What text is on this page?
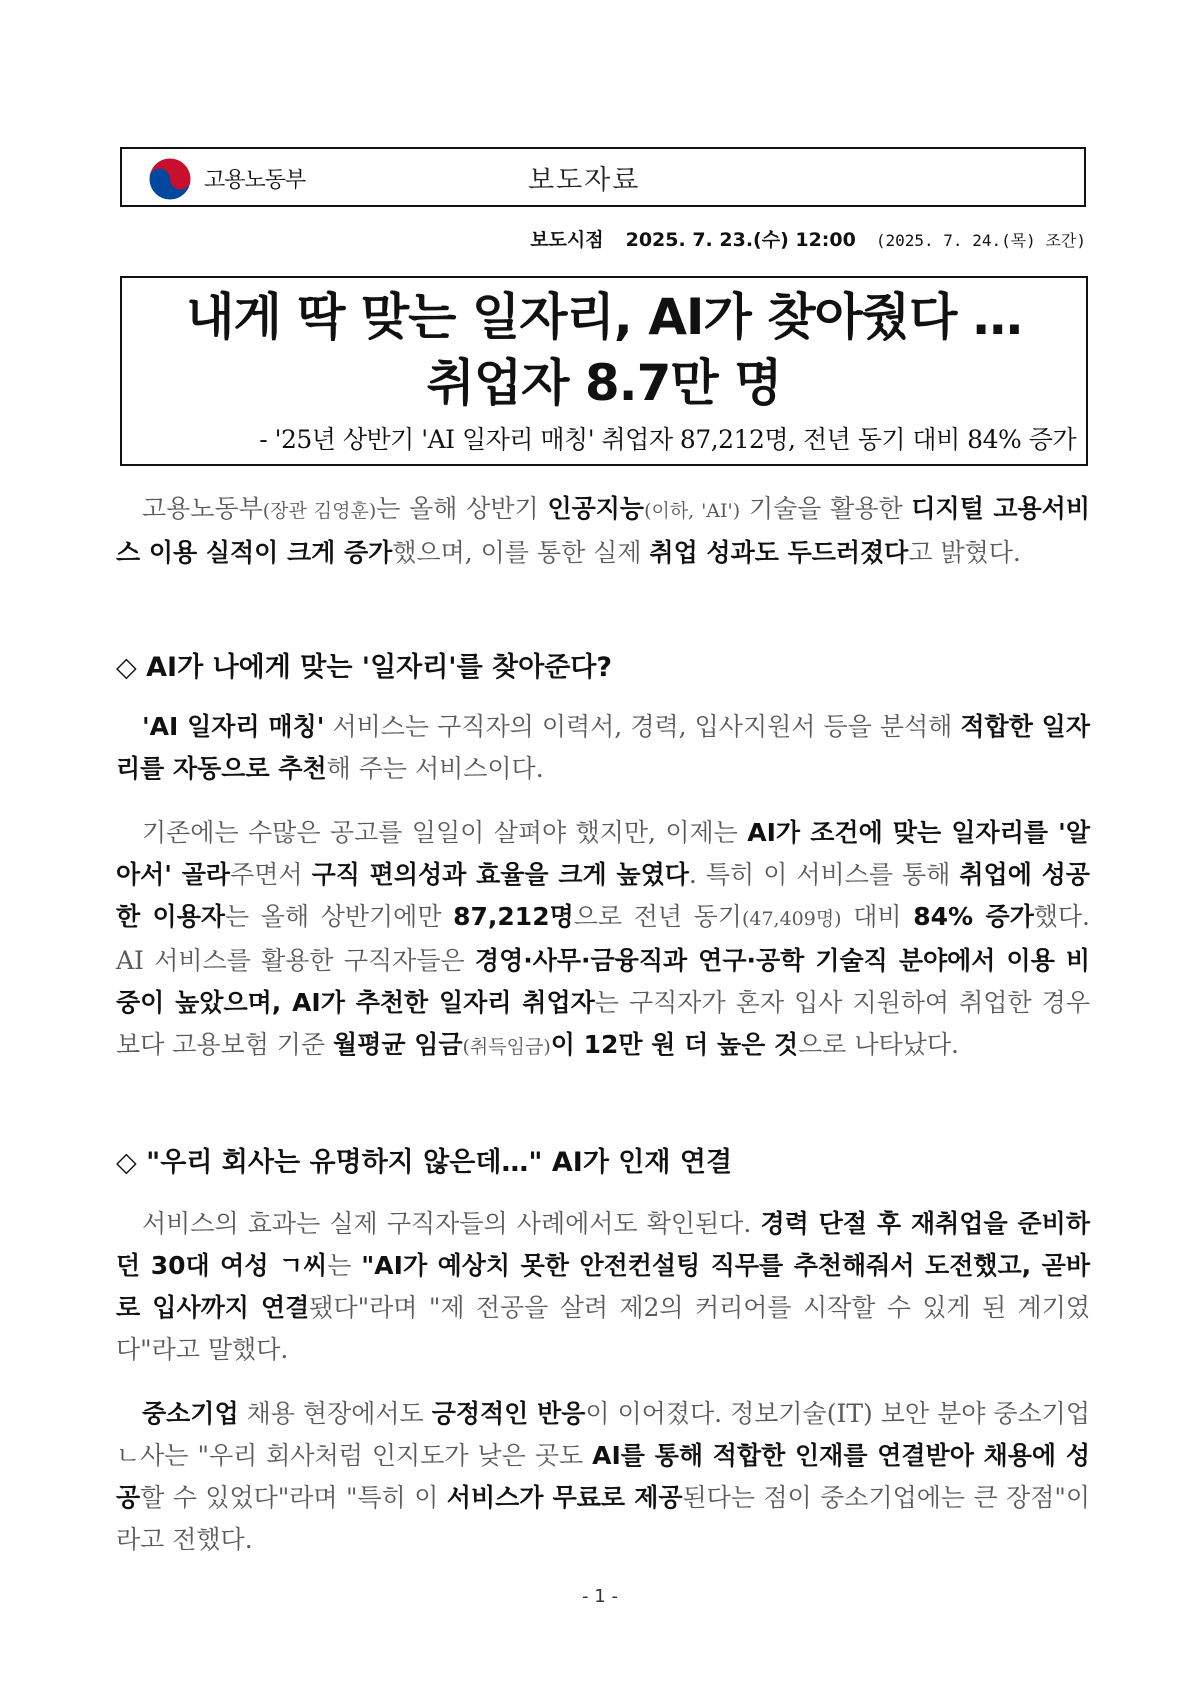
고용노동부	보도자료
보도시점 2025. 7. 23.(수) 12:00 (2025. 7. 24.(목) 조간)
내게 딱 맞는 일자리, AI가 찾아줬다 …
취업자 8.7만 명
- '25년 상반기 'AI 일자리 매칭' 취업자 87,212명, 전년 동기 대비 84% 증가

고용노동부(장관 김영훈)는 올해 상반기 인공지능(이하, 'AI') 기술을 활용한 디지털 고용서비스 이용 실적이 크게 증가했으며, 이를 통한 실제 취업 성과도 두드러졌다고 밝혔다.

◇ AI가 나에게 맞는 '일자리'를 찾아준다?

'AI 일자리 매칭' 서비스는 구직자의 이력서, 경력, 입사지원서 등을 분석해 적합한 일자리를 자동으로 추천해 주는 서비스이다.

기존에는 수많은 공고를 일일이 살펴야 했지만, 이제는 AI가 조건에 맞는 일자리를 '알아서' 골라주면서 구직 편의성과 효율을 크게 높였다. 특히 이 서비스를 통해 취업에 성공한 이용자는 올해 상반기에만 87,212명으로 전년 동기(47,409명) 대비 84% 증가했다. AI 서비스를 활용한 구직자들은 경영·사무·금융직과 연구·공학 기술직 분야에서 이용 비중이 높았으며, AI가 추천한 일자리 취업자는 구직자가 혼자 입사 지원하여 취업한 경우보다 고용보험 기준 월평균 임금(취득임금)이 12만 원 더 높은 것으로 나타났다.

◇ "우리 회사는 유명하지 않은데…" AI가 인재 연결

서비스의 효과는 실제 구직자들의 사례에서도 확인된다. 경력 단절 후 재취업을 준비하던 30대 여성 ㄱ씨는 "AI가 예상치 못한 안전컨설팅 직무를 추천해줘서 도전했고, 곧바로 입사까지 연결됐다"라며 "제 전공을 살려 제2의 커리어를 시작할 수 있게 된 계기였다"라고 말했다.

중소기업 채용 현장에서도 긍정적인 반응이 이어졌다. 정보기술(IT) 보안 분야 중소기업 ㄴ사는 "우리 회사처럼 인지도가 낮은 곳도 AI를 통해 적합한 인재를 연결받아 채용에 성공할 수 있었다"라며 "특히 이 서비스가 무료로 제공된다는 점이 중소기업에는 큰 장점"이라고 전했다.

- 1 -
